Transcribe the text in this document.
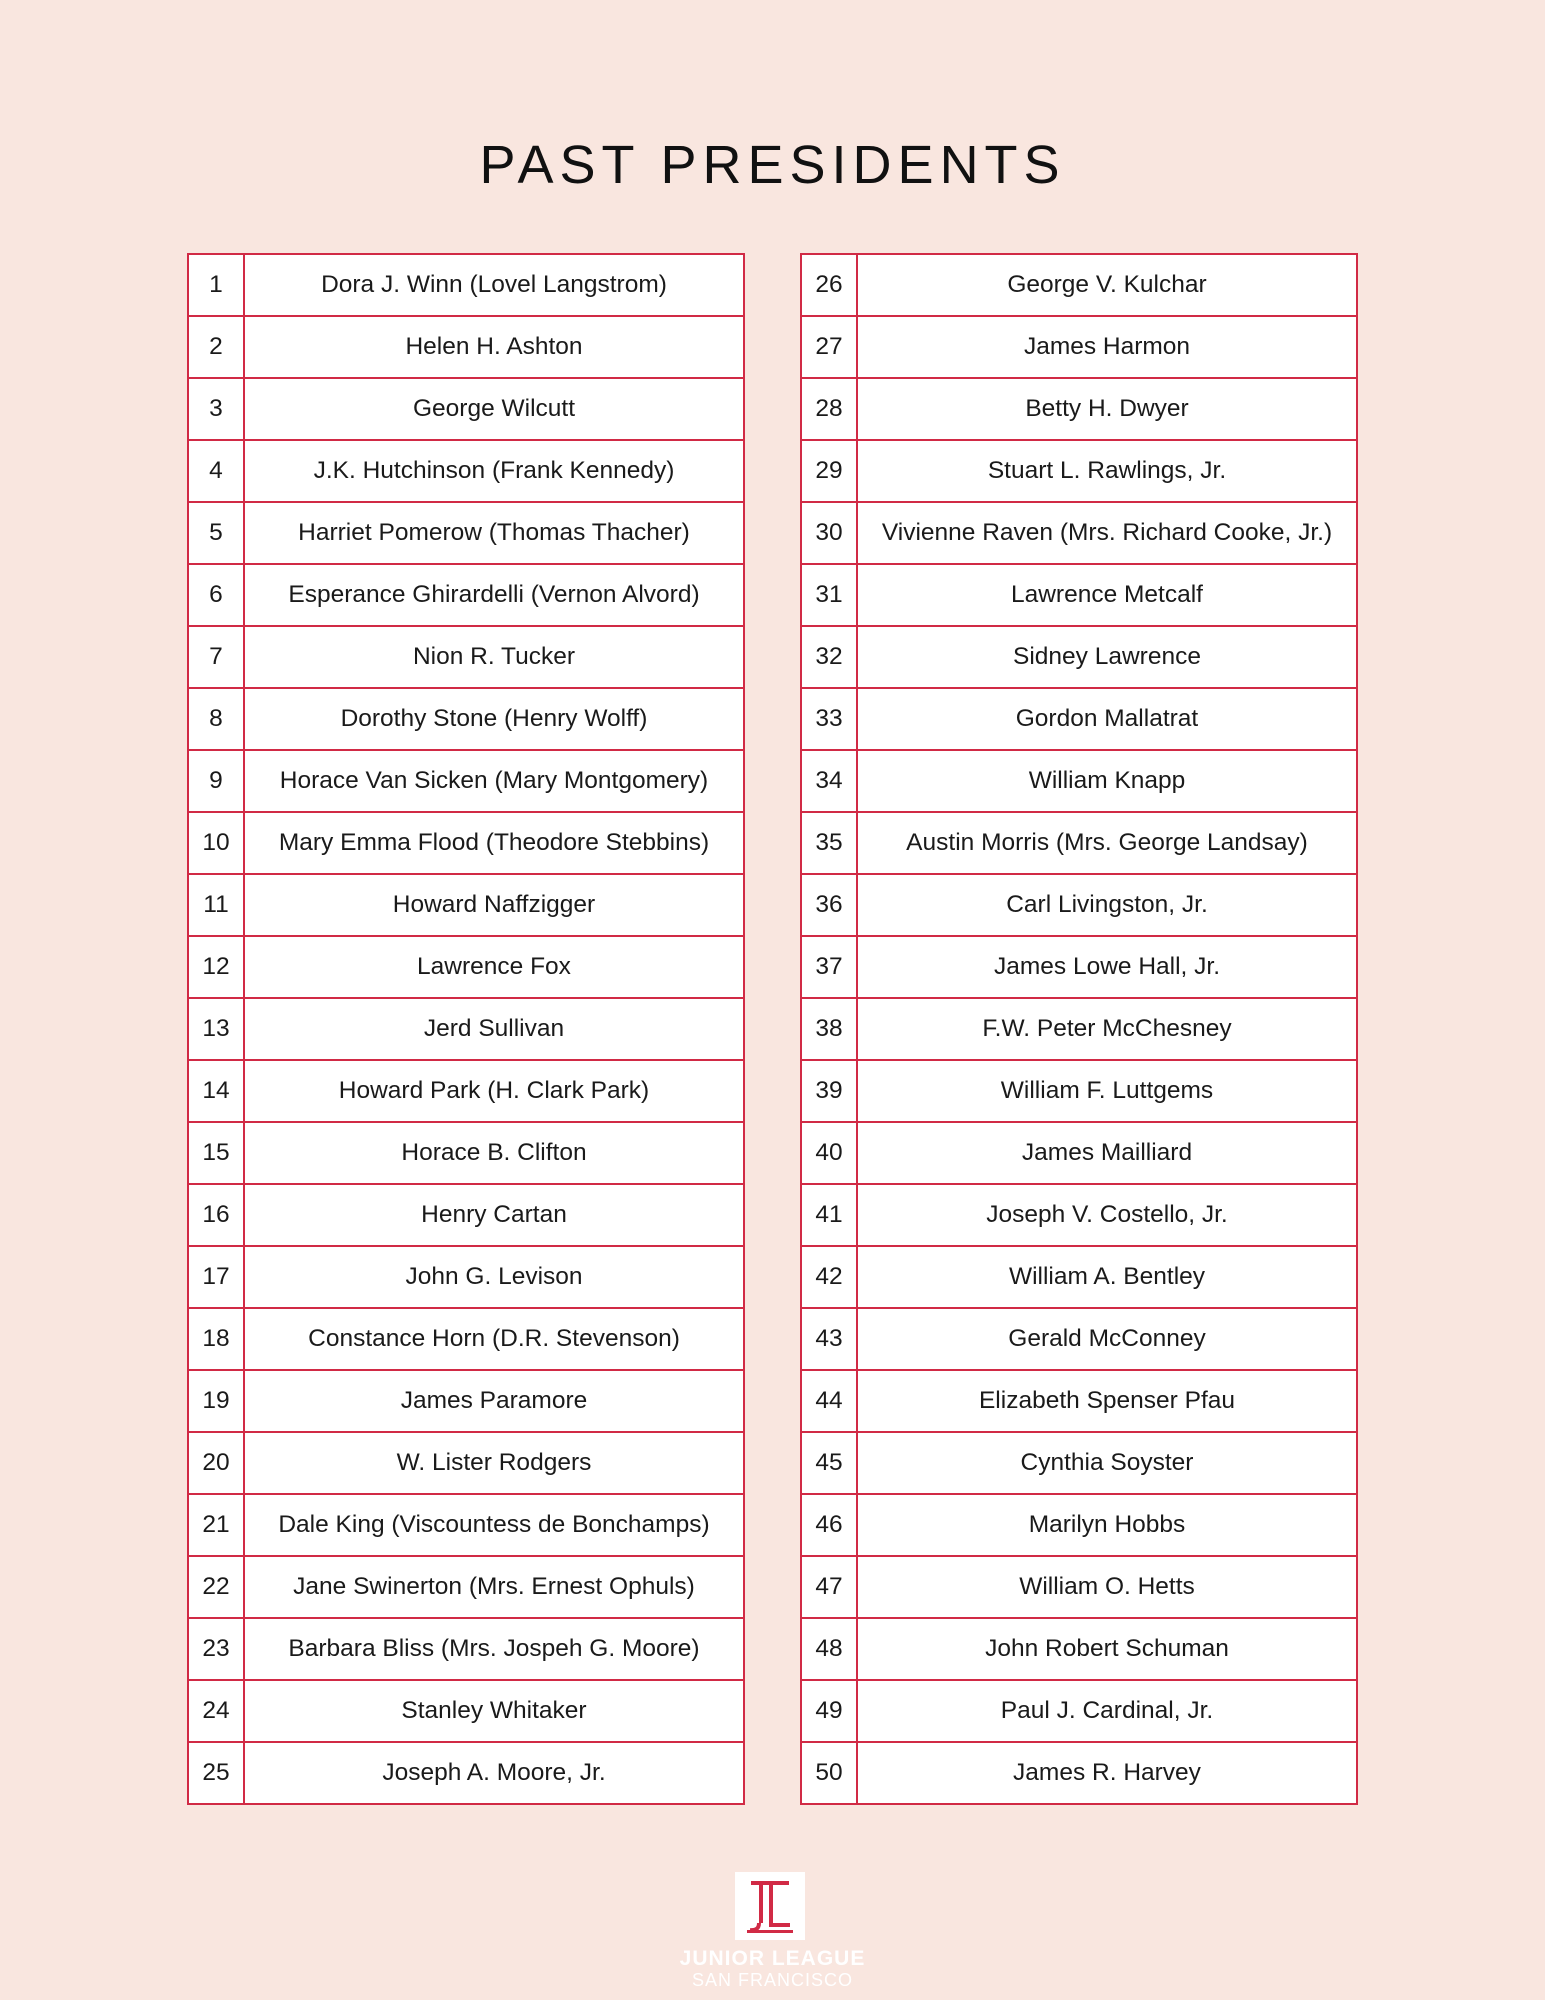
PAST PRESIDENTS
1	Dora J. Winn (Lovel Langstrom)
2	Helen H. Ashton
3	George Wilcutt
4	J.K. Hutchinson (Frank Kennedy)
5	Harriet Pomerow (Thomas Thacher)
6	Esperance Ghirardelli (Vernon Alvord)
7	Nion R. Tucker
8	Dorothy Stone (Henry Wolff)
9	Horace Van Sicken (Mary Montgomery)
10	Mary Emma Flood (Theodore Stebbins)
11	Howard Naffzigger
12	Lawrence Fox
13	Jerd Sullivan
14	Howard Park (H. Clark Park)
15	Horace B. Clifton
16	Henry Cartan
17	John G. Levison
18	Constance Horn (D.R. Stevenson)
19	James Paramore
20	W. Lister Rodgers
21	Dale King (Viscountess de Bonchamps)
22	Jane Swinerton (Mrs. Ernest Ophuls)
23	Barbara Bliss (Mrs. Jospeh G. Moore)
24	Stanley Whitaker
25	Joseph A. Moore, Jr.
26	George V. Kulchar
27	James Harmon
28	Betty H. Dwyer
29	Stuart L. Rawlings, Jr.
30	Vivienne Raven (Mrs. Richard Cooke, Jr.)
31	Lawrence Metcalf
32	Sidney Lawrence
33	Gordon Mallatrat
34	William Knapp
35	Austin Morris (Mrs. George Landsay)
36	Carl Livingston, Jr.
37	James Lowe Hall, Jr.
38	F.W. Peter McChesney
39	William F. Luttgems
40	James Mailliard
41	Joseph V. Costello, Jr.
42	William A. Bentley
43	Gerald McConney
44	Elizabeth Spenser Pfau
45	Cynthia Soyster
46	Marilyn Hobbs
47	William O. Hetts
48	John Robert Schuman
49	Paul J. Cardinal, Jr.
50	James R. Harvey
JUNIOR LEAGUE
SAN FRANCISCO
